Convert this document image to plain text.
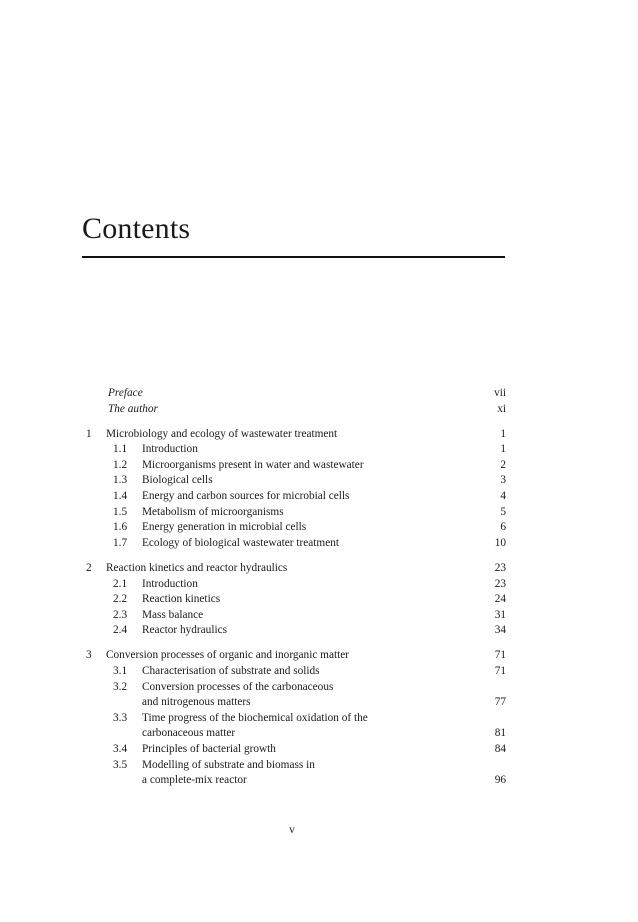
Contents
Preface	vii
The author	xi
1 Microbiology and ecology of wastewater treatment	1
1.1 Introduction	1
1.2 Microorganisms present in water and wastewater	2
1.3 Biological cells	3
1.4 Energy and carbon sources for microbial cells	4
1.5 Metabolism of microorganisms	5
1.6 Energy generation in microbial cells	6
1.7 Ecology of biological wastewater treatment	10
2 Reaction kinetics and reactor hydraulics	23
2.1 Introduction	23
2.2 Reaction kinetics	24
2.3 Mass balance	31
2.4 Reactor hydraulics	34
3 Conversion processes of organic and inorganic matter	71
3.1 Characterisation of substrate and solids	71
3.2 Conversion processes of the carbonaceous
and nitrogenous matters	77
3.3 Time progress of the biochemical oxidation of the
carbonaceous matter	81
3.4 Principles of bacterial growth	84
3.5 Modelling of substrate and biomass in
a complete-mix reactor	96
v
